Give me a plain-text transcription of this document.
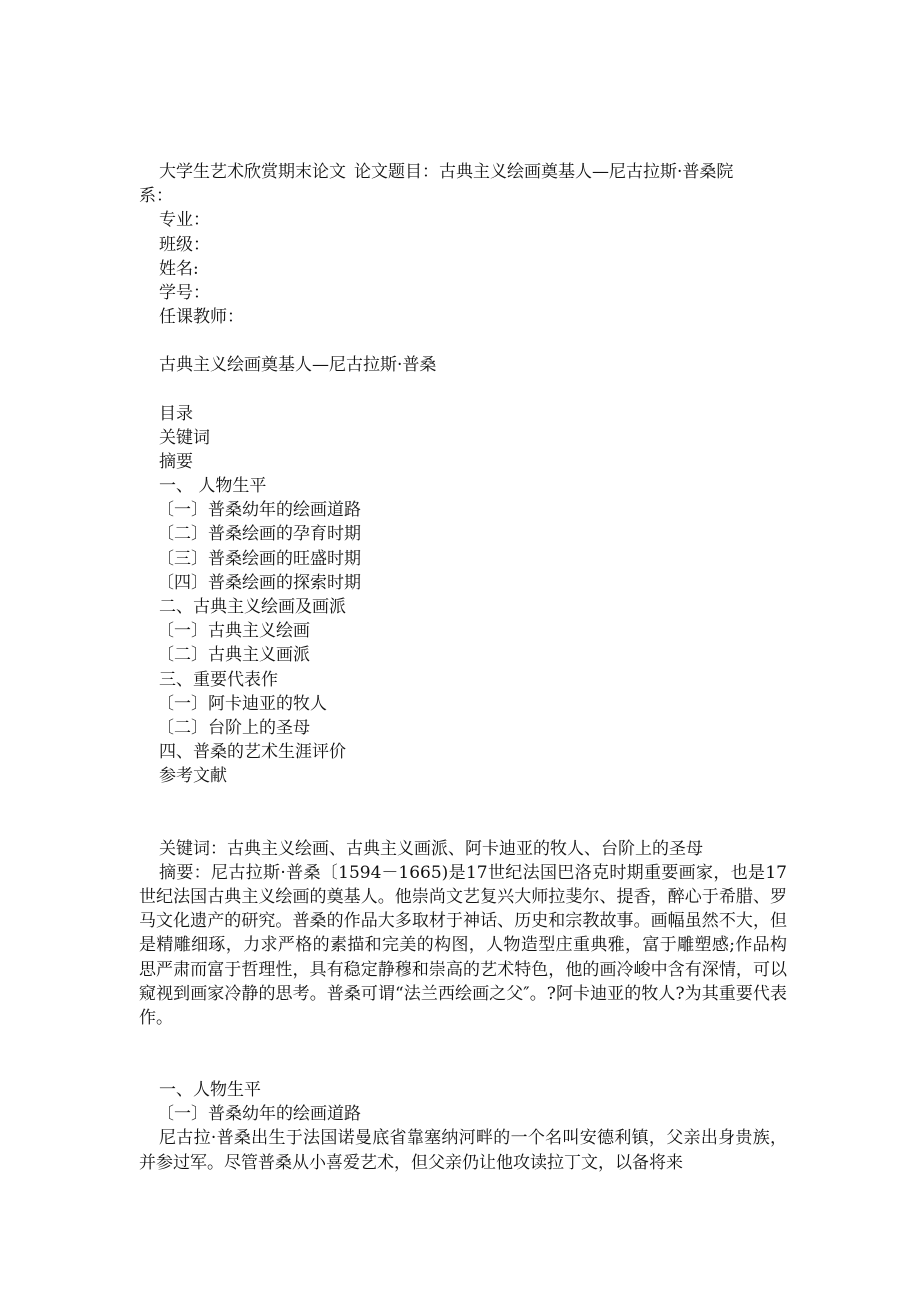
大学生艺术欣赏期末论文 论文题目：古典主义绘画奠基人—尼古拉斯·普桑院
系：
专业：
班级：
姓名:
学号：
任课教师：
古典主义绘画奠基人—尼古拉斯·普桑
目录
关键词
摘要
一、 人物生平
〔一〕普桑幼年的绘画道路
〔二〕普桑绘画的孕育时期
〔三〕普桑绘画的旺盛时期
〔四〕普桑绘画的探索时期
二、古典主义绘画及画派
〔一〕古典主义绘画
〔二〕古典主义画派
三、重要代表作
〔一〕阿卡迪亚的牧人
〔二〕台阶上的圣母
四、普桑的艺术生涯评价
参考文献
关键词：古典主义绘画、古典主义画派、阿卡迪亚的牧人、台阶上的圣母
摘要：尼古拉斯·普桑〔1594－1665)是17世纪法国巴洛克时期重要画家，也是17世纪法国古典主义绘画的奠基人。他崇尚文艺复兴大师拉斐尔、提香，醉心于希腊、罗马文化遗产的研究。普桑的作品大多取材于神话、历史和宗教故事。画幅虽然不大，但是精雕细琢，力求严格的素描和完美的构图，人物造型庄重典雅，富于雕塑感;作品构思严肃而富于哲理性，具有稳定静穆和崇高的艺术特色，他的画冷峻中含有深情，可以窥视到画家冷静的思考。普桑可谓“法兰西绘画之父″。?阿卡迪亚的牧人?为其重要代表作。
一、人物生平
〔一〕普桑幼年的绘画道路
尼古拉·普桑出生于法国诺曼底省靠塞纳河畔的一个名叫安德利镇，父亲出身贵族，并参过军。尽管普桑从小喜爱艺术，但父亲仍让他攻读拉丁文，以备将来
